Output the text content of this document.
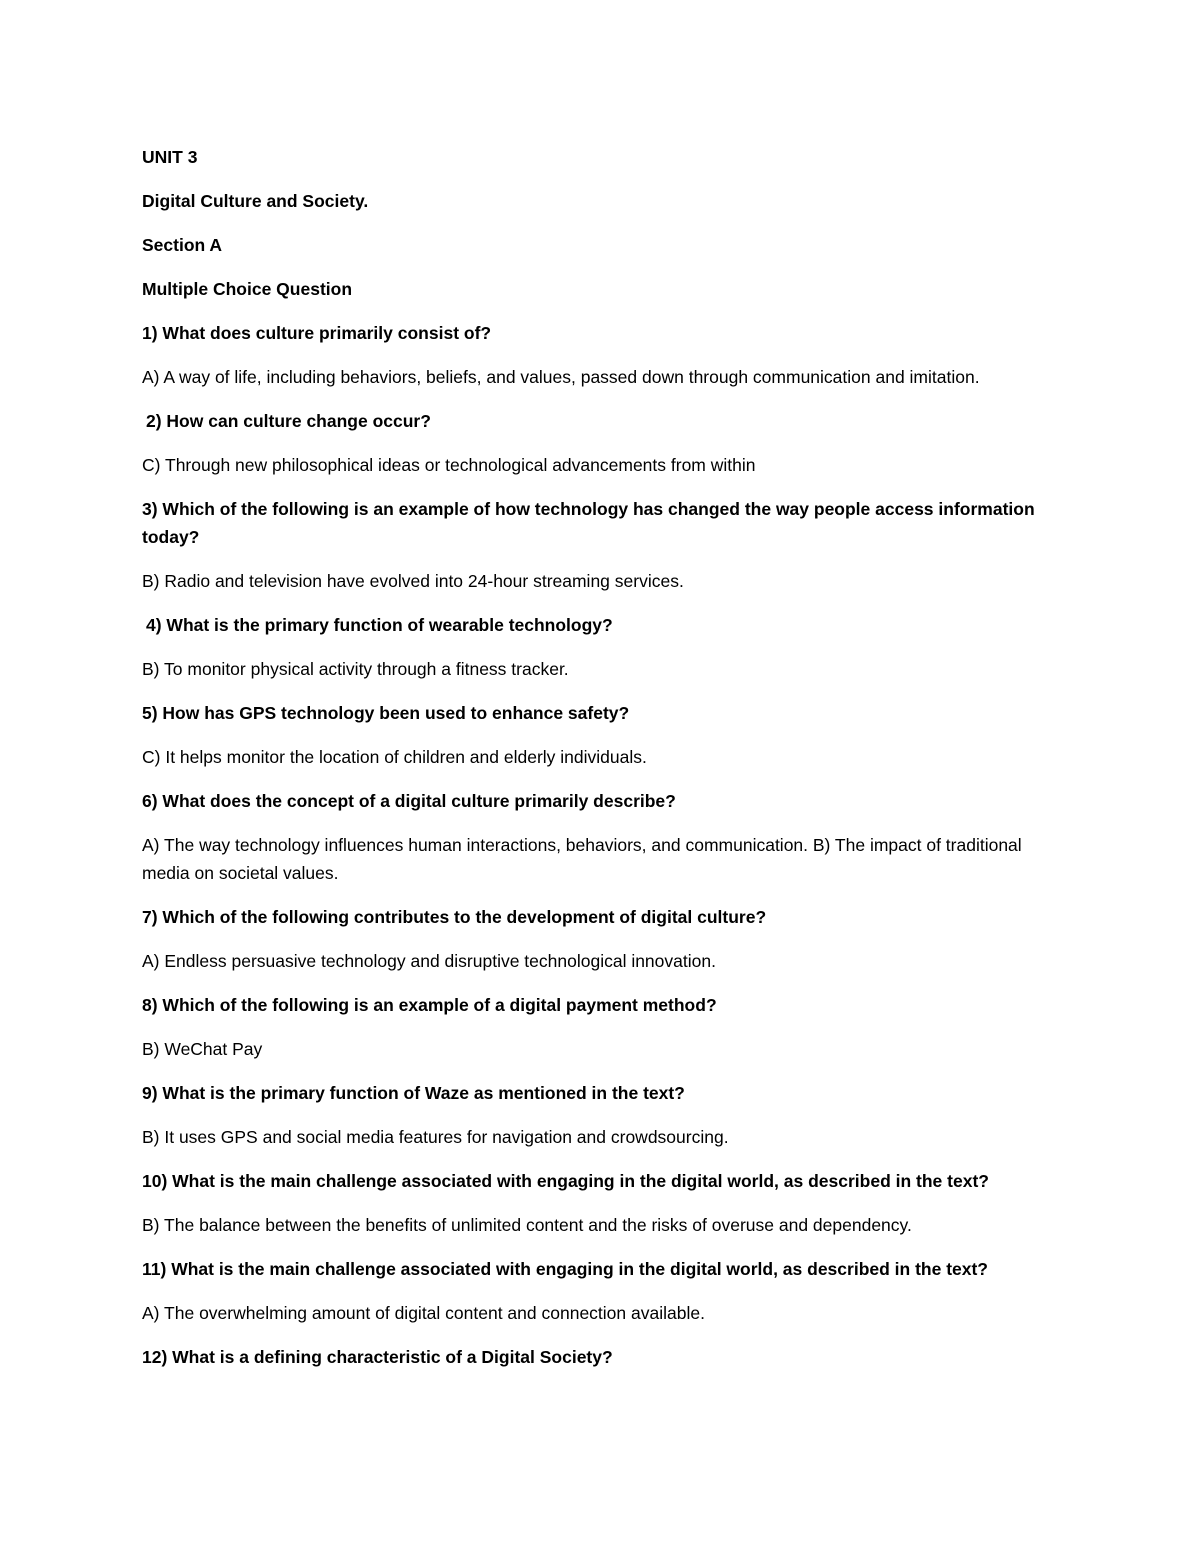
UNIT 3

Digital Culture and Society.

Section A

Multiple Choice Question

1) What does culture primarily consist of?

A) A way of life, including behaviors, beliefs, and values, passed down through communication and imitation.

2) How can culture change occur?

C) Through new philosophical ideas or technological advancements from within

3) Which of the following is an example of how technology has changed the way people access information today?

B) Radio and television have evolved into 24-hour streaming services.

4) What is the primary function of wearable technology?

B) To monitor physical activity through a fitness tracker.

5) How has GPS technology been used to enhance safety?

C) It helps monitor the location of children and elderly individuals.

6) What does the concept of a digital culture primarily describe?

A) The way technology influences human interactions, behaviors, and communication. B) The impact of traditional media on societal values.

7) Which of the following contributes to the development of digital culture?

A) Endless persuasive technology and disruptive technological innovation.

8) Which of the following is an example of a digital payment method?

B) WeChat Pay

9) What is the primary function of Waze as mentioned in the text?

B) It uses GPS and social media features for navigation and crowdsourcing.

10) What is the main challenge associated with engaging in the digital world, as described in the text?

B) The balance between the benefits of unlimited content and the risks of overuse and dependency.

11) What is the main challenge associated with engaging in the digital world, as described in the text?

A) The overwhelming amount of digital content and connection available.

12) What is a defining characteristic of a Digital Society?
